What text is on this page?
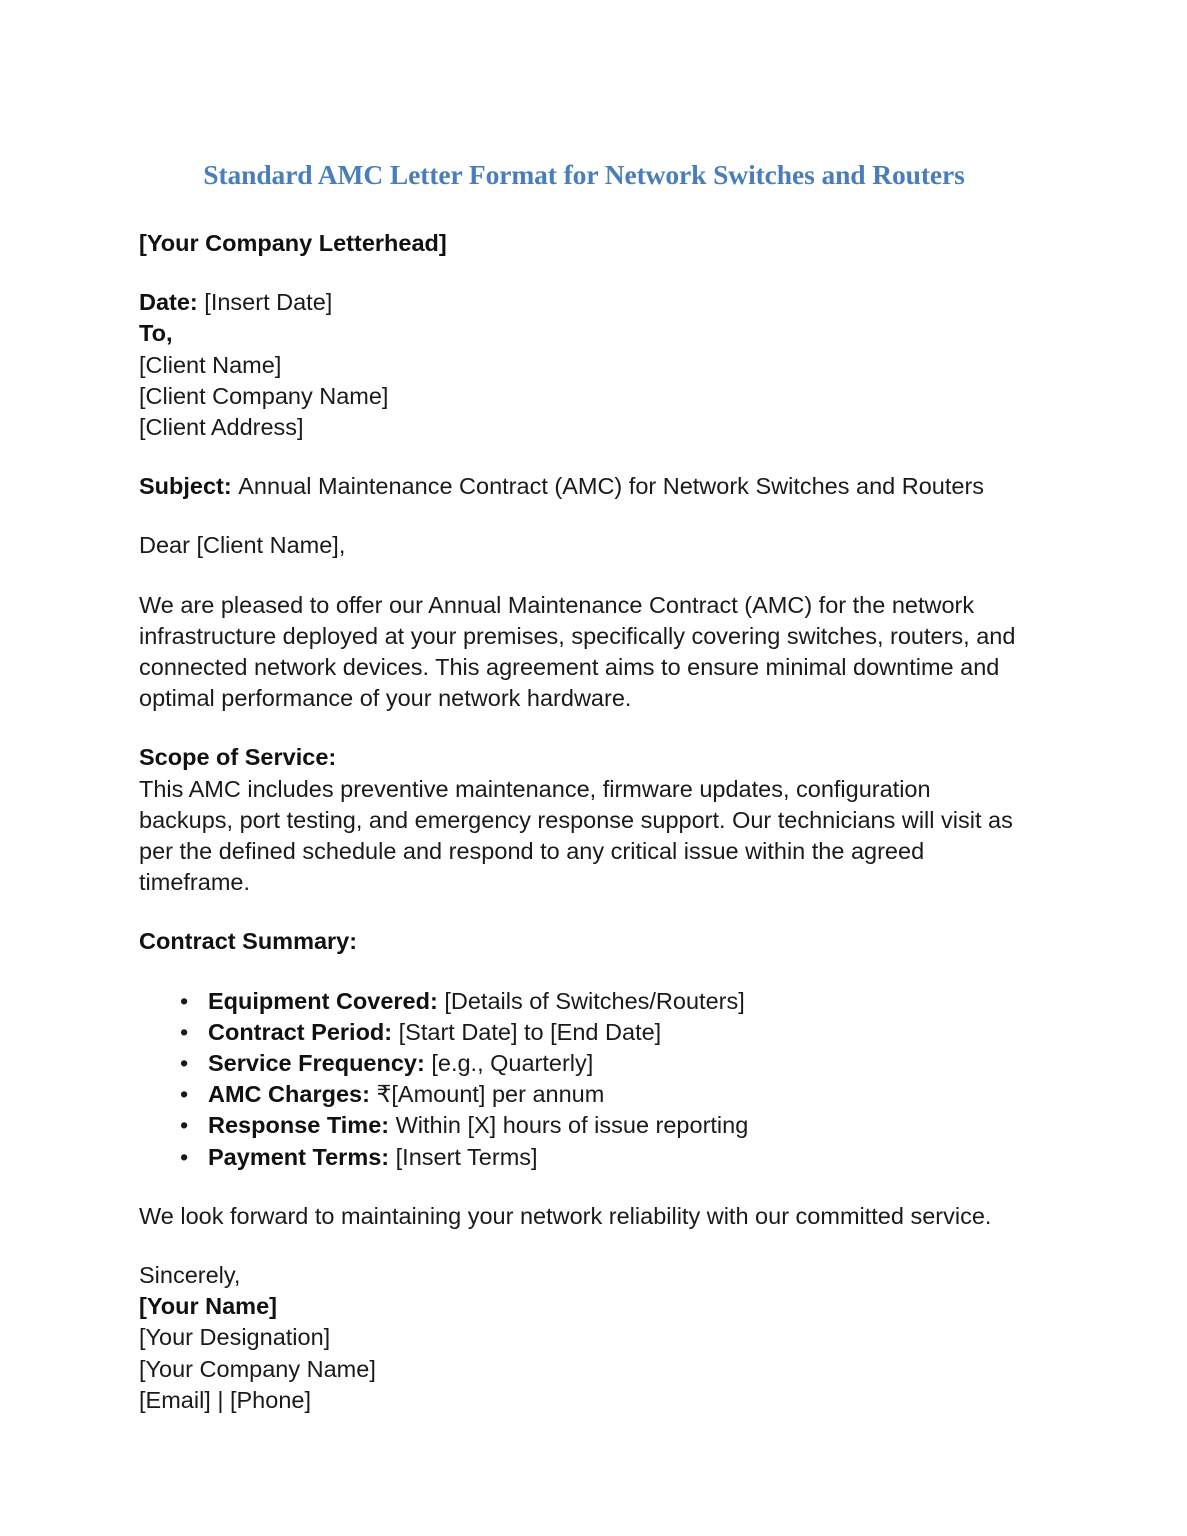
Standard AMC Letter Format for Network Switches and Routers

[Your Company Letterhead]

Date: [Insert Date]

To,

[Client Name]

[Client Company Name]

[Client Address]

Subject: Annual Maintenance Contract (AMC) for Network Switches and Routers

Dear [Client Name],

We are pleased to offer our Annual Maintenance Contract (AMC) for the network infrastructure deployed at your premises, specifically covering switches, routers, and connected network devices. This agreement aims to ensure minimal downtime and optimal performance of your network hardware.

Scope of Service:

This AMC includes preventive maintenance, firmware updates, configuration backups, port testing, and emergency response support. Our technicians will visit as per the defined schedule and respond to any critical issue within the agreed timeframe.

Contract Summary:

• Equipment Covered: [Details of Switches/Routers]
• Contract Period: [Start Date] to [End Date]
• Service Frequency: [e.g., Quarterly]
• AMC Charges: ₹[Amount] per annum
• Response Time: Within [X] hours of issue reporting
• Payment Terms: [Insert Terms]

We look forward to maintaining your network reliability with our committed service.

Sincerely,

[Your Name]

[Your Designation]

[Your Company Name]

[Email] | [Phone]
